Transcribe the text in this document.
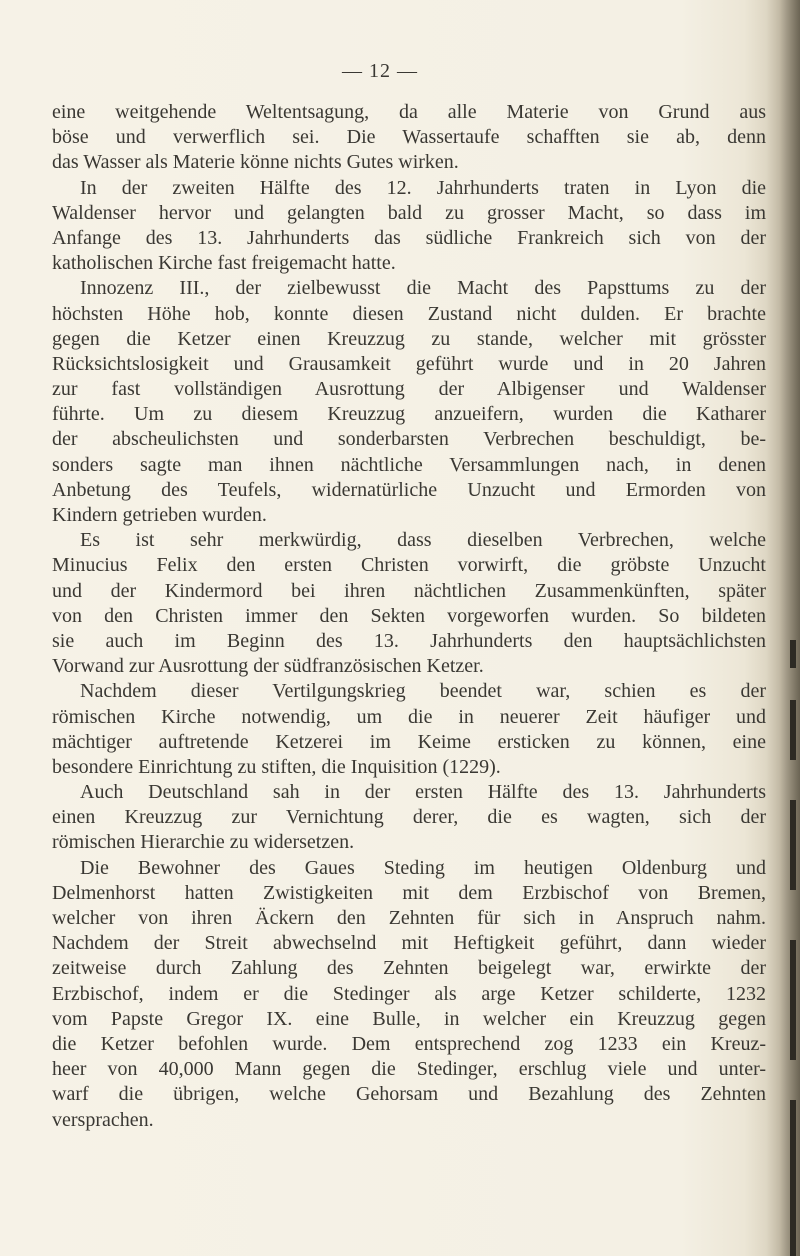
— 12 —
eine weitgehende Weltentsagung, da alle Materie von Grund aus
böse und verwerflich sei. Die Wassertaufe schafften sie ab, denn
das Wasser als Materie könne nichts Gutes wirken.
In der zweiten Hälfte des 12. Jahrhunderts traten in Lyon die
Waldenser hervor und gelangten bald zu grosser Macht, so dass im
Anfange des 13. Jahrhunderts das südliche Frankreich sich von der
katholischen Kirche fast freigemacht hatte.
Innozenz III., der zielbewusst die Macht des Papsttums zu der
höchsten Höhe hob, konnte diesen Zustand nicht dulden. Er brachte
gegen die Ketzer einen Kreuzzug zu stande, welcher mit grösster
Rücksichtslosigkeit und Grausamkeit geführt wurde und in 20 Jahren
zur fast vollständigen Ausrottung der Albigenser und Waldenser
führte. Um zu diesem Kreuzzug anzueifern, wurden die Katharer
der abscheulichsten und sonderbarsten Verbrechen beschuldigt, be-
sonders sagte man ihnen nächtliche Versammlungen nach, in denen
Anbetung des Teufels, widernatürliche Unzucht und Ermorden von
Kindern getrieben wurden.
Es ist sehr merkwürdig, dass dieselben Verbrechen, welche
Minucius Felix den ersten Christen vorwirft, die gröbste Unzucht
und der Kindermord bei ihren nächtlichen Zusammenkünften, später
von den Christen immer den Sekten vorgeworfen wurden. So bildeten
sie auch im Beginn des 13. Jahrhunderts den hauptsächlichsten
Vorwand zur Ausrottung der südfranzösischen Ketzer.
Nachdem dieser Vertilgungskrieg beendet war, schien es der
römischen Kirche notwendig, um die in neuerer Zeit häufiger und
mächtiger auftretende Ketzerei im Keime ersticken zu können, eine
besondere Einrichtung zu stiften, die Inquisition (1229).
Auch Deutschland sah in der ersten Hälfte des 13. Jahrhunderts
einen Kreuzzug zur Vernichtung derer, die es wagten, sich der
römischen Hierarchie zu widersetzen.
Die Bewohner des Gaues Steding im heutigen Oldenburg und
Delmenhorst hatten Zwistigkeiten mit dem Erzbischof von Bremen,
welcher von ihren Äckern den Zehnten für sich in Anspruch nahm.
Nachdem der Streit abwechselnd mit Heftigkeit geführt, dann wieder
zeitweise durch Zahlung des Zehnten beigelegt war, erwirkte der
Erzbischof, indem er die Stedinger als arge Ketzer schilderte, 1232
vom Papste Gregor IX. eine Bulle, in welcher ein Kreuzzug gegen
die Ketzer befohlen wurde. Dem entsprechend zog 1233 ein Kreuz-
heer von 40,000 Mann gegen die Stedinger, erschlug viele und unter-
warf die übrigen, welche Gehorsam und Bezahlung des Zehnten
versprachen.
